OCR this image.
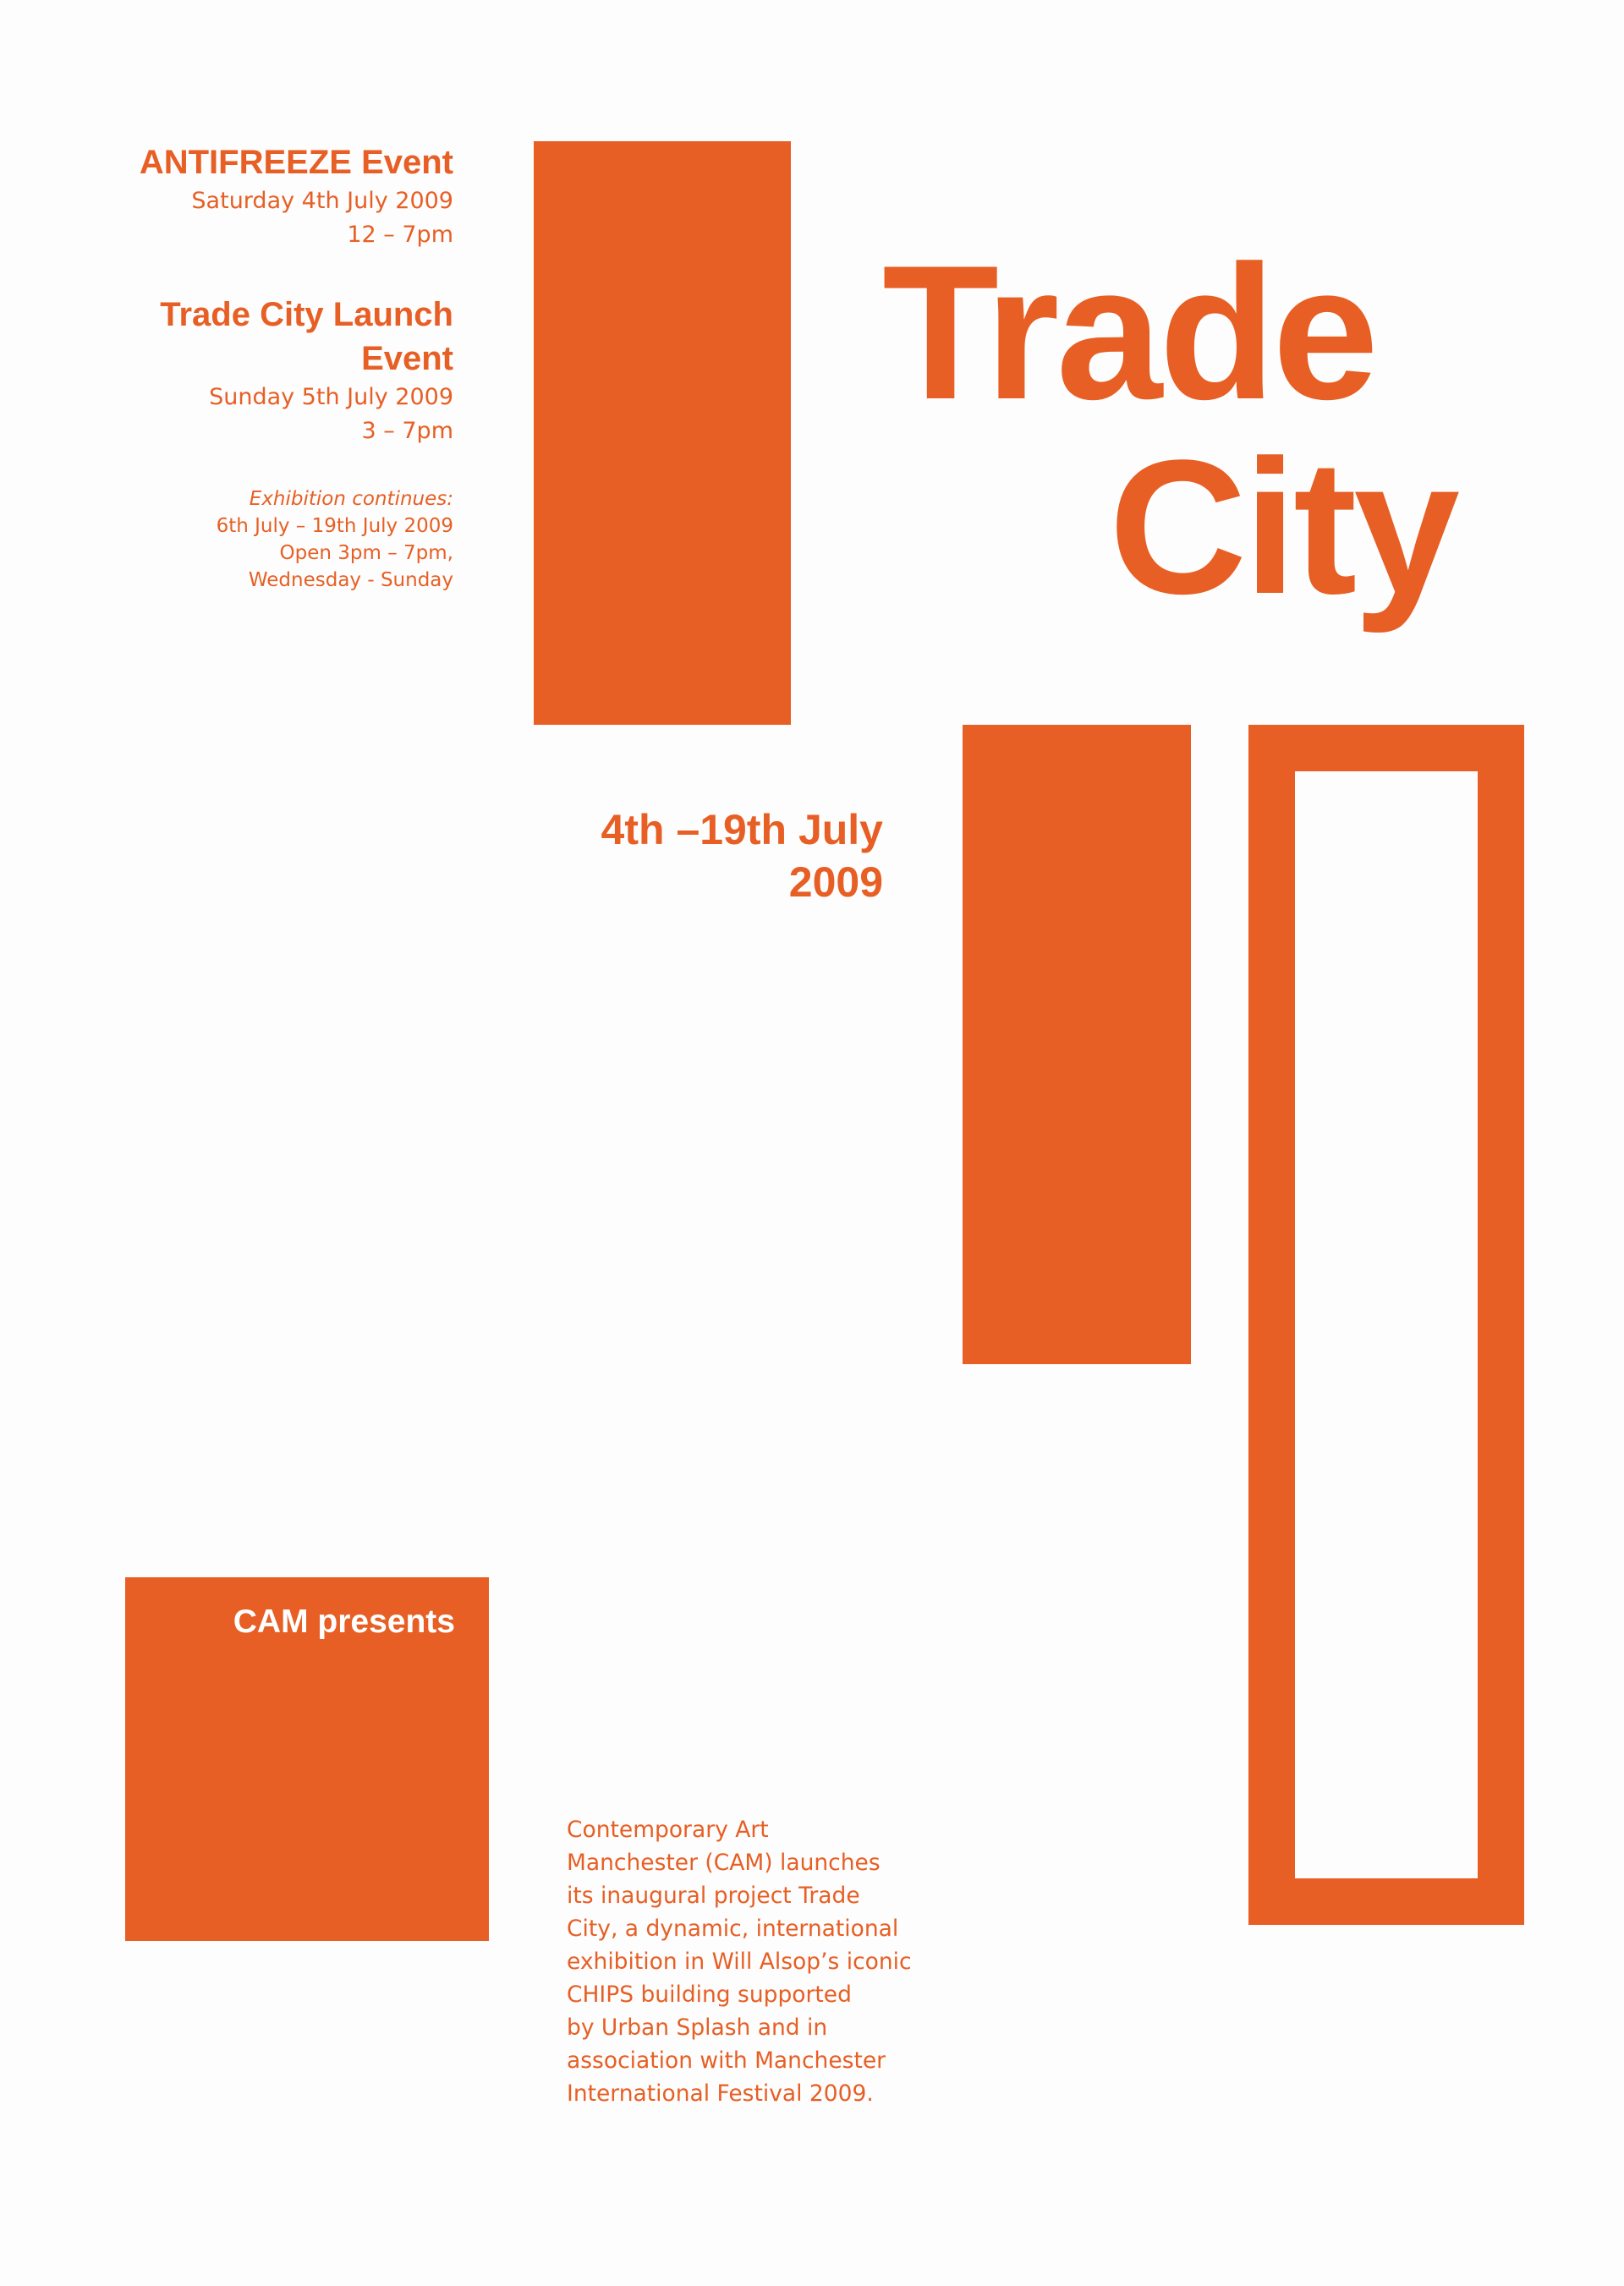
ANTIFREEZE Event
Saturday 4th July 2009
12 – 7pm
Trade City Launch
Event
Sunday 5th July 2009
3 – 7pm
Exhibition continues:
6th July – 19th July 2009
Open 3pm – 7pm,
Wednesday - Sunday
Trade
City
4th –19th July
2009
CAM presents
Contemporary Art
Manchester (CAM) launches
its inaugural project Trade
City, a dynamic, international
exhibition in Will Alsop’s iconic
CHIPS building supported
by Urban Splash and in
association with Manchester
International Festival 2009.
